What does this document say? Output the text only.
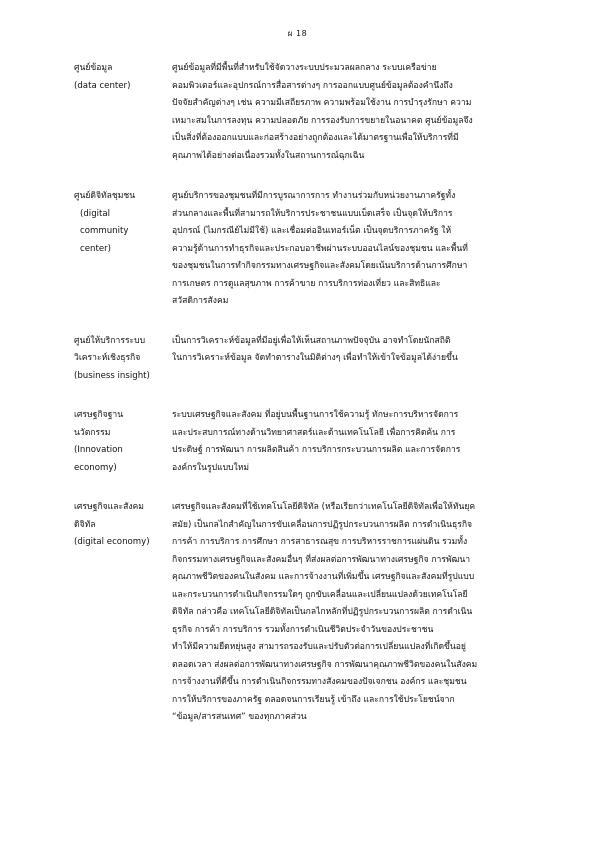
ผ 18
ศูนย์ข้อมูล
(data center)
ศูนย์ข้อมูลที่มีพื้นที่สำหรับใช้จัดวางระบบประมวลผลกลาง ระบบเครือข่าย
คอมพิวเตอร์และอุปกรณ์การสื่อสารต่างๆ การออกแบบศูนย์ข้อมูลต้องคำนึงถึง
ปัจจัยสำคัญต่างๆ เช่น ความมีเสถียรภาพ ความพร้อมใช้งาน การบำรุงรักษา ความ
เหมาะสมในการลงทุน ความปลอดภัย การรองรับการขยายในอนาคต ศูนย์ข้อมูลจึง
เป็นสิ่งที่ต้องออกแบบและก่อสร้างอย่างถูกต้องและได้มาตรฐานเพื่อให้บริการที่มี
คุณภาพได้อย่างต่อเนื่องรวมทั้งในสถานการณ์ฉุกเฉิน
ศูนย์ดิจิทัลชุมชน
(digital
community
center)
ศูนย์บริการของชุมชนที่มีการบูรณาการการ ทำงานร่วมกับหน่วยงานภาครัฐทั้ง
ส่วนกลางและพื้นที่สามารถให้บริการประชาชนแบบเบ็ดเสร็จ เป็นจุดให้บริการ
อุปกรณ์ (ไมกรณีย์ไม่มีใช้) และเชื่อมต่ออินเทอร์เน็ต เป็นจุดบริการภาครัฐ ให้
ความรู้ด้านการทำธุรกิจและประกอบอาชีพผ่านระบบออนไลน์ของชุมชน และพื้นที่
ของชุมชนในการทำกิจกรรมทางเศรษฐกิจและสังคมโดยเน้นบริการด้านการศึกษา
การเกษตร การดูแลสุขภาพ การค้าขาย การบริการท่องเที่ยว และสิทธิและ
สวัสดิการสังคม
ศูนย์ให้บริการระบบ
วิเคราะห์เชิงธุรกิจ
(business insight)
เป็นการวิเคราะห์ข้อมูลที่มีอยู่เพื่อให้เห็นสถานภาพปัจจุบัน อาจทำโดยนักสถิติ
ในการวิเคราะห์ข้อมูล จัดทำตารางในมิติต่างๆ เพื่อทำให้เข้าใจข้อมูลได้ง่ายขึ้น
เศรษฐกิจฐาน
นวัตกรรม
(Innovation
economy)
ระบบเศรษฐกิจและสังคม ที่อยู่บนพื้นฐานการใช้ความรู้ ทักษะการบริหารจัดการ
และประสบการณ์ทางด้านวิทยาศาสตร์และด้านเทคโนโลยี เพื่อการคิดค้น การ
ประดิษฐ์ การพัฒนา การผลิตสินค้า การบริการกระบวนการผลิต และการจัดการ
องค์กรในรูปแบบใหม่
เศรษฐกิจและสังคม
ดิจิทัล
(digital economy)
เศรษฐกิจและสังคมที่ใช้เทคโนโลยีดิจิทัล (หรือเรียกว่าเทคโนโลยีดิจิทัลเพื่อให้ทันยุค
สมัย) เป็นกลไกสำคัญในการขับเคลื่อนการปฏิรูปกระบวนการผลิต การดำเนินธุรกิจ
การค้า การบริการ การศึกษา การสาธารณสุข การบริหารราชการแผ่นดิน รวมทั้ง
กิจกรรมทางเศรษฐกิจและสังคมอื่นๆ ที่ส่งผลต่อการพัฒนาทางเศรษฐกิจ การพัฒนา
คุณภาพชีวิตของคนในสังคม และการจ้างงานที่เพิ่มขึ้น เศรษฐกิจและสังคมที่รูปแบบ
และกระบวนการดำเนินกิจกรรมใดๆ ถูกขับเคลื่อนและเปลี่ยนแปลงด้วยเทคโนโลยี
ดิจิทัล กล่าวคือ เทคโนโลยีดิจิทัลเป็นกลไกหลักที่ปฏิรูปกระบวนการผลิต การดำเนิน
ธุรกิจ การค้า การบริการ รวมทั้งการดำเนินชีวิตประจำวันของประชาชน
ทำให้มีความยืดหยุ่นสูง สามารถรองรับและปรับตัวต่อการเปลี่ยนแปลงที่เกิดขึ้นอยู่
ตลอดเวลา ส่งผลต่อการพัฒนาทางเศรษฐกิจ การพัฒนาคุณภาพชีวิตของคนในสังคม
การจ้างงานที่ดีขึ้น การดำเนินกิจกรรมทางสังคมของปัจเจกชน องค์กร และชุมชน
การให้บริการของภาครัฐ ตลอดจนการเรียนรู้ เข้าถึง และการใช้ประโยชน์จาก
“ข้อมูล/สารสนเทศ” ของทุกภาคส่วน
